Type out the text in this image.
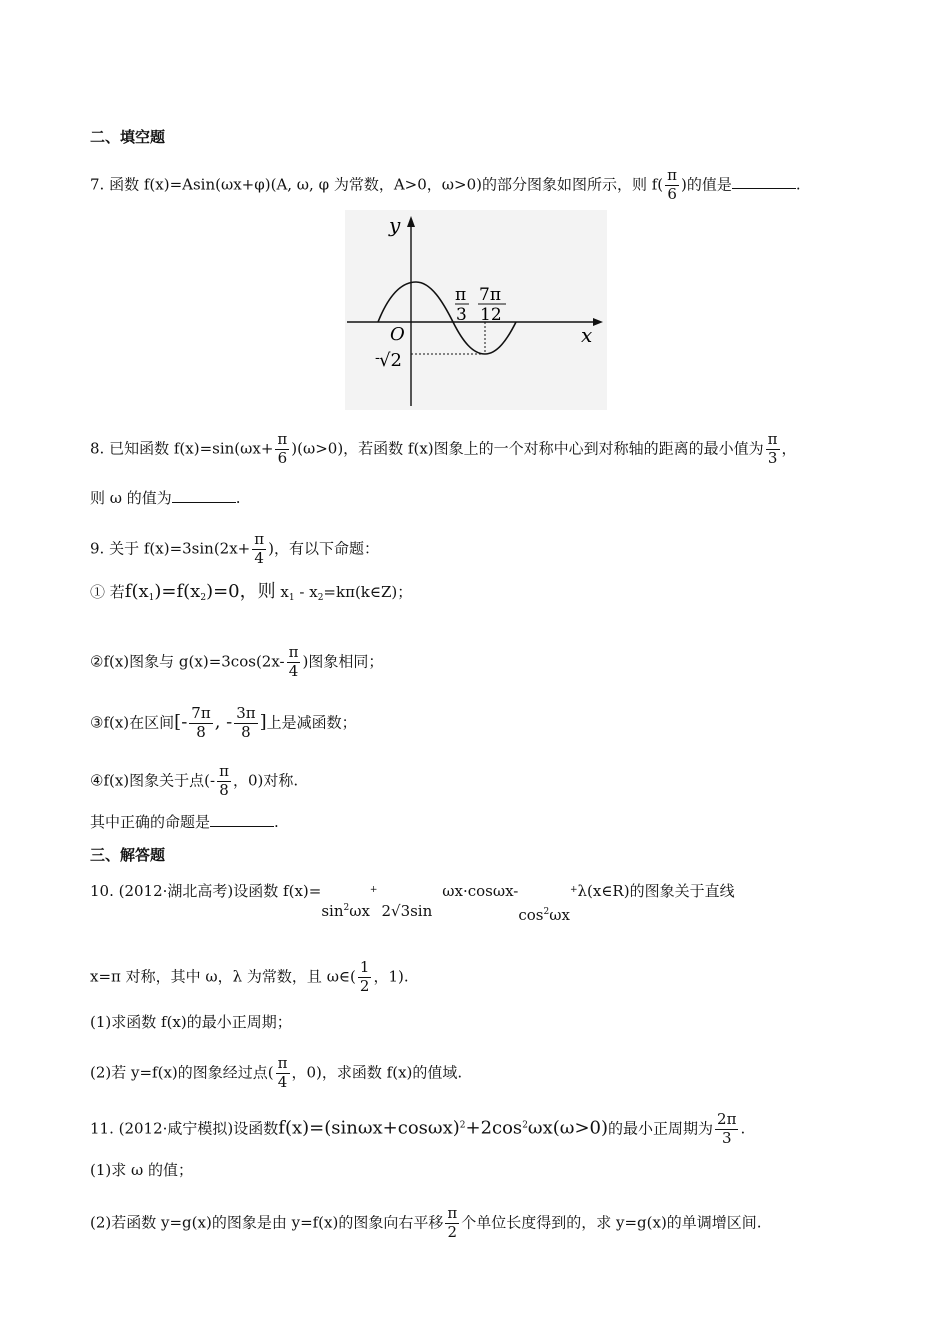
二、填空题
7. 函数 f(x)=Asin(ωx+φ)(A, ω, φ 为常数，A>0，ω>0)的部分图象如图所示，则 $f( \frac{\pi}{6}$ )的值是	.
y
x
O
π
3
7π
12
- √2
8. 已知函数 $f(x)=\sin(\omega x+ \frac{\pi}{6} )(\omega>0)$，若函数 f(x)图象上的一个对称中心到对称轴的距离的最小值为 $\frac{\pi}{3}$ ，
则 ω 的值为	.
9. 关于 $f(x)=3\sin(2x+ \frac{\pi}{4}$ )，有以下命题：
① 若$f(x_1)=f(x_2)=0$，则 $x_1$ - $x_2=k\pi(k\in Z)$；
②f(x)图象与 $g(x)=3\cos(2x- \frac{\pi}{4}$ )图象相同；
③f(x)在区间[- $\frac{7\pi}{8}$ , - $\frac{3\pi}{8}$ ]上是减函数；
④f(x)图象关于点(- $\frac{\pi}{8}$ ，0)对称.
其中正确的命题是	.
三、解答题
10. (2012·湖北高考)设函数 $f(x)=\sin^2\omega x^+2√3\sin\omega x\cdot\cos\omega x-\cos^2\omega x^+\lambda(x\in R)$的图象关于直线
x=π 对称，其中 ω，λ 为常数，且 ω∈( $\frac{1}{2}$ ，1).
(1)求函数 f(x)的最小正周期；
(2)若 y=f(x)的图象经过点( $\frac{\pi}{4}$ ，0)，求函数 f(x)的值域.
11. (2012·咸宁模拟)设函数$f(x)=(\sin\omega x+\cos\omega x)^2+2\cos^2\omega x(\omega>0)$的最小正周期为 $\frac{2\pi}{3}$ .
(1)求 ω 的值；
(2)若函数 y=g(x)的图象是由 y=f(x)的图象向右平移 $\frac{\pi}{2}$ 个单位长度得到的，求 y=g(x)的单调增区间.
